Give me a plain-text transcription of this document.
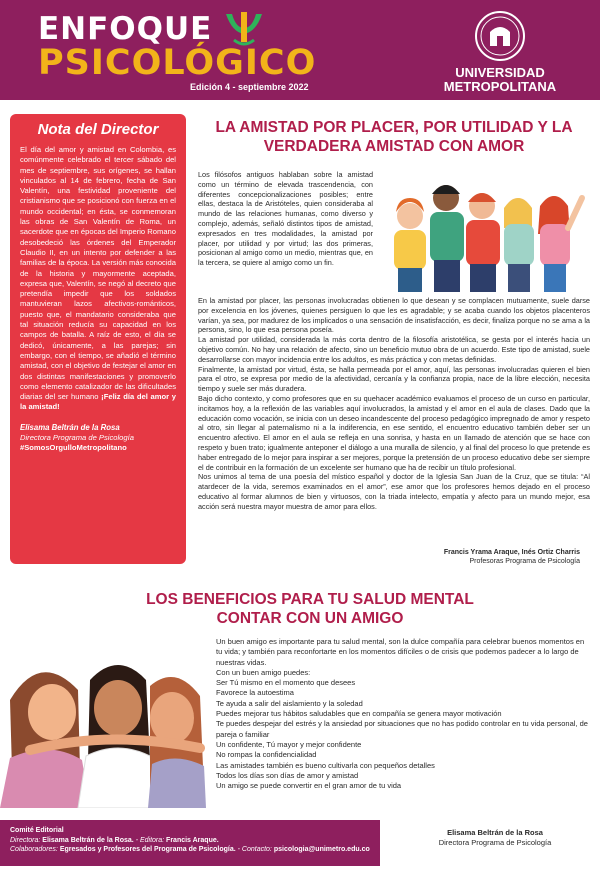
ENFOQUE
PSICOLÓGICO
Edición 4 - septiembre 2022
UNIVERSIDAD METROPOLITANA
Nota del Director
El día del amor y amistad en Colombia, es comúnmente celebrado el tercer sábado del mes de septiembre, sus orígenes, se hallan vinculados al 14 de febrero, fecha de San Valentín, una festividad proveniente del cristianismo que se posicionó con fuerza en el mundo occidental; en ésta, se conmemoran las obras de San Valentín de Roma, un sacerdote que en épocas del Imperio Romano desobedeció las órdenes del Emperador Claudio II, en un intento por defender a las familias de la época. La versión más conocida de la historia y mayormente aceptada, expresa que, Valentín, se negó al decreto que pretendía impedir que los soldados mantuvieran lazos afectivos-románticos, puesto que, el mandatario consideraba que tal situación reducía su capacidad en los campos de batalla. A raíz de esto, el día se dedicó, únicamente, a las parejas; sin embargo, con el tiempo, se añadió el término amistad, con el objetivo de festejar el amor en dos distintas manifestaciones y promoverlo como elemento catalizador de las dificultades diarias del ser humano ¡Feliz día del amor y la amistad!
Elisama Beltrán de la Rosa
Directora Programa de Psicología
#SomosOrgulloMetropolitano
LA AMISTAD POR PLACER, POR UTILIDAD Y LA VERDADERA AMISTAD CON AMOR
Los filósofos antiguos hablaban sobre la amistad como un término de elevada trascendencia, con diferentes concepcionalizaciones posibles; entre ellas, destaca la de Aristóteles, quien consideraba al mundo de las relaciones humanas, como diverso y complejo, además, señaló distintos tipos de amistad, expresados en tres modalidades, la amistad por placer, por utilidad y por virtud; las dos primeras, posicionan al amigo como un medio, mientras que, en la tercera, se quiere al amigo como un fin.

En la amistad por placer, las personas involucradas obtienen lo que desean y se complacen mutuamente, suele darse por excelencia en los jóvenes, quienes persiguen lo que les es agradable; y se acaba cuando los objetos placenteros varían, ya sea, por madurez de los implicados o una sensación de insatisfacción, es decir, finaliza porque no se ama a la persona, sino, lo que esa persona poseía.

La amistad por utilidad, considerada la más corta dentro de la filosofía aristotélica, se gesta por el interés hacia un objetivo común. No hay una relación de afecto, sino un beneficio mutuo obra de un acuerdo. Este tipo de amistad, suele desarrollarse con mayor incidencia entre los adultos, es más práctica y con metas definidas.

Finalmente, la amistad por virtud, ésta, se halla permeada por el amor, aquí, las personas involucradas quieren el bien para el otro, se expresa por medio de la afectividad, cercanía y la confianza propia, nace de la libre elección, necesita tiempo y suele ser más duradera.

Bajo dicho contexto, y como profesores que en su quehacer académico evaluamos el proceso de un curso en particular, incitamos hoy, a la reflexión de las variables aquí involucrados, la amistad y el amor en el aula de clases. Dado que la educación como vocación, se inicia con un deseo incandescente del proceso pedagógico impregnado de amor y respeto al otro, sin llegar al paternalismo ni a la indiferencia, en ese sentido, el encuentro educativo también deber ser un encuentro afectivo. El amor en el aula se refleja en una sonrisa, y hasta en un llamado de atención que se hace con respeto y buen trato; igualmente anteponer el diálogo a una muralla de silencio, y al final del proceso lo que pretende es haber entregado de lo mejor para inspirar a ser mejores, porque la pretensión de un proceso educativo debe ser siempre el de contribuir en la formación de un excelente ser humano que ha de recibir un título profesional.

Nos unimos al tema de una poesía del místico español y doctor de la Iglesia San Juan de la Cruz, que se titula: “Al atardecer de la vida, seremos examinados en el amor”, ese amor que los profesores hemos dejado en el proceso educativo al formar alumnos de bien y virtuosos, con la triada intelecto, empatía y afecto para un mundo mejor, esa acción será nuestra mayor muestra de amor para ellos.

Francis Yrama Araque, Inés Ortiz Charris
Profesoras Programa de Psicología
LOS BENEFICIOS PARA TU SALUD MENTAL CONTAR CON UN AMIGO
Un buen amigo es importante para tu salud mental, son la dulce compañía para celebrar buenos momentos en tu vida; y también para reconfortarte en los momentos difíciles o de crisis que podemos padecer a lo largo de nuestras vidas.
Con un buen amigo puedes:
Ser Tú mismo en el momento que desees
Favorece la autoestima
Te ayuda a salir del aislamiento y la soledad
Puedes mejorar tus hábitos saludables que en compañía se genera mayor motivación
Te puedes despejar del estrés y la ansiedad por situaciones que no has podido controlar en tu vida personal, de pareja o familiar
Un confidente, Tú mayor y mejor confidente
No rompas la confidencialidad
Las amistades también es bueno cultivarla con pequeños detalles
Todos los días son días de amor y amistad
Un amigo se puede convertir en el gran amor de tu vida
Comité Editorial
Directora: Elisama Beltrán de la Rosa. - Editora: Francis Araque.
Colaboradores: Egresados y Profesores del Programa de Psicología. - Contacto: psicologia@unimetro.edu.co
Elisama Beltrán de la Rosa
Directora Programa de Psicología
